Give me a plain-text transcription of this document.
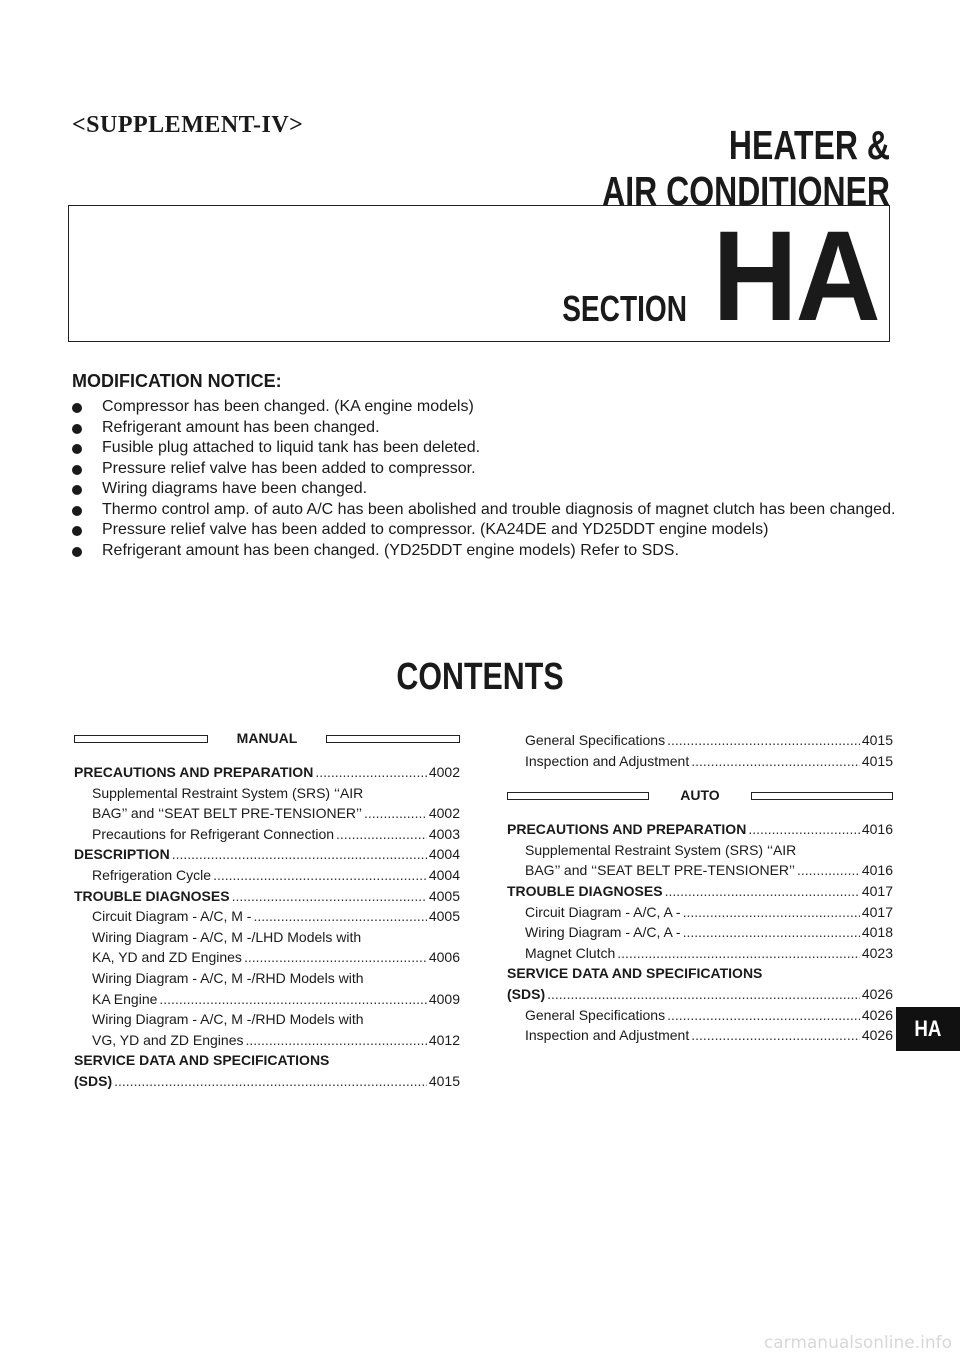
<SUPPLEMENT-IV>	HEATER &
AIR CONDITIONER
SECTION HA
MODIFICATION NOTICE:
Compressor has been changed. (KA engine models)
Refrigerant amount has been changed.
Fusible plug attached to liquid tank has been deleted.
Pressure relief valve has been added to compressor.
Wiring diagrams have been changed.
Thermo control amp. of auto A/C has been abolished and trouble diagnosis of magnet clutch has been changed.
Pressure relief valve has been added to compressor. (KA24DE and YD25DDT engine models)
Refrigerant amount has been changed. (YD25DDT engine models) Refer to SDS.
CONTENTS
MANUAL
PRECAUTIONS AND PREPARATION .....	4002
Supplemental Restraint System (SRS) ‘‘AIR
BAG’’ and ‘‘SEAT BELT PRE-TENSIONER’’ .....	4002
Precautions for Refrigerant Connection .....	4003
DESCRIPTION .....	4004
Refrigeration Cycle .....	4004
TROUBLE DIAGNOSES .....	4005
Circuit Diagram - A/C, M - .....	4005
Wiring Diagram - A/C, M -/LHD Models with
KA, YD and ZD Engines .....	4006
Wiring Diagram - A/C, M -/RHD Models with
KA Engine .....	4009
Wiring Diagram - A/C, M -/RHD Models with
VG, YD and ZD Engines .....	4012
SERVICE DATA AND SPECIFICATIONS
(SDS) .....	4015
General Specifications .....	4015
Inspection and Adjustment .....	4015
AUTO
PRECAUTIONS AND PREPARATION .....	4016
Supplemental Restraint System (SRS) ‘‘AIR
BAG’’ and ‘‘SEAT BELT PRE-TENSIONER’’ .....	4016
TROUBLE DIAGNOSES .....	4017
Circuit Diagram - A/C, A - .....	4017
Wiring Diagram - A/C, A - .....	4018
Magnet Clutch .....	4023
SERVICE DATA AND SPECIFICATIONS
(SDS) .....	4026
General Specifications .....	4026
Inspection and Adjustment .....	4026 HA
carmanualsonline.info
